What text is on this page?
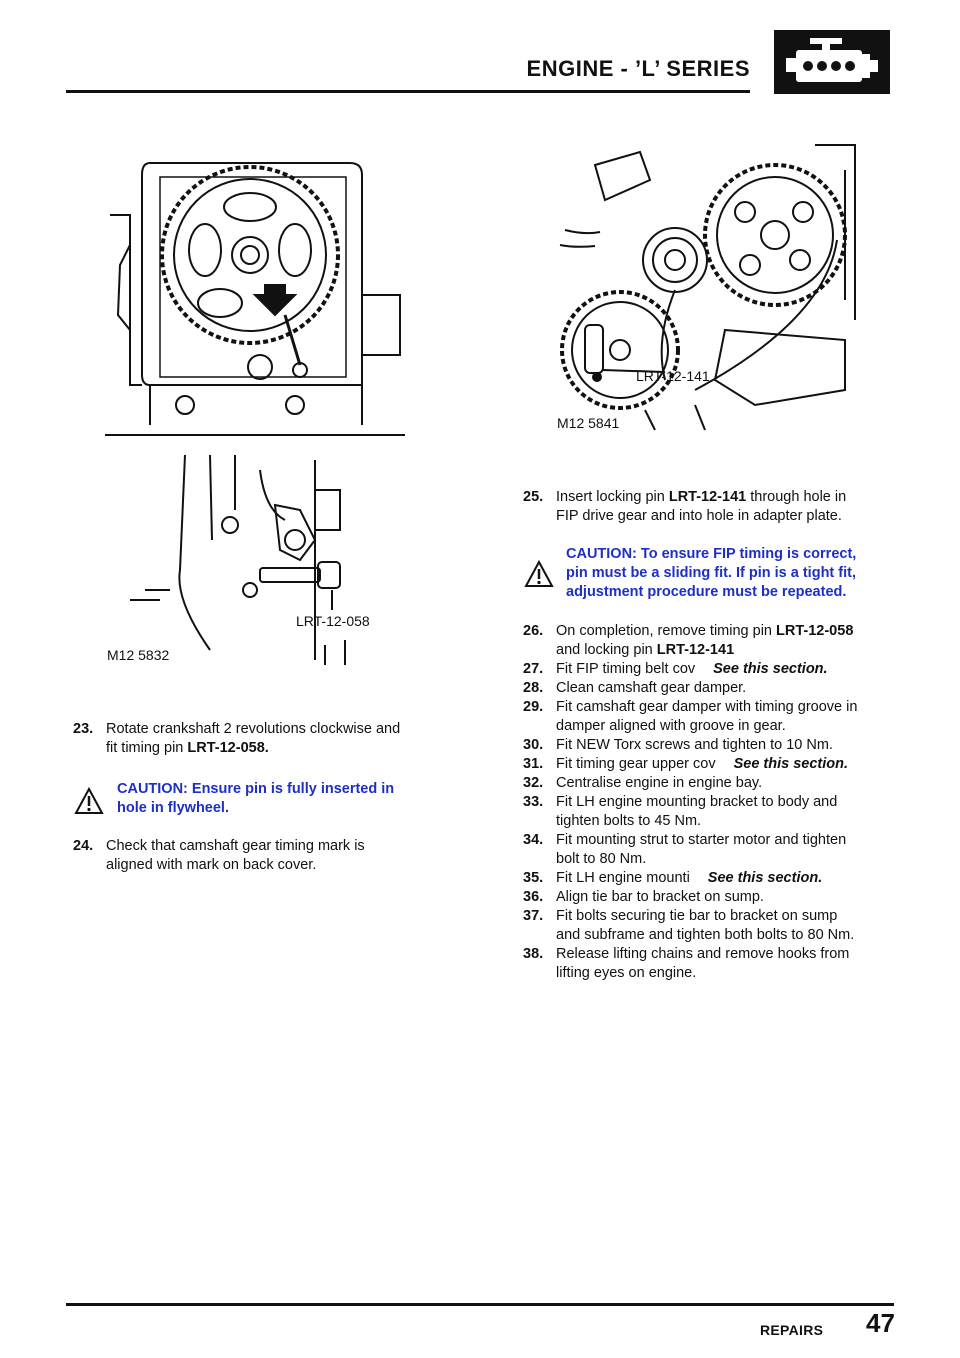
ENGINE - ’L’ SERIES
LRT-12-058
M12 5832
LRT-12-141
M12 5841
23. Rotate crankshaft 2 revolutions clockwise and
fit timing pin LRT-12-058.
CAUTION: Ensure pin is fully inserted in
hole in flywheel.
24. Check that camshaft gear timing mark is
aligned with mark on back cover.
25. Insert locking pin LRT-12-141 through hole in
FIP drive gear and into hole in adapter plate.
CAUTION: To ensure FIP timing is correct,
pin must be a sliding fit. If pin is a tight fit,
adjustment procedure must be repeated.
26. On completion, remove timing pin LRT-12-058
and locking pin LRT-12-141
27. Fit FIP timing belt cov See this section.
28. Clean camshaft gear damper.
29. Fit camshaft gear damper with timing groove in
damper aligned with groove in gear.
30. Fit NEW Torx screws and tighten to 10 Nm.
31. Fit timing gear upper cov See this section.
32. Centralise engine in engine bay.
33. Fit LH engine mounting bracket to body and
tighten bolts to 45 Nm.
34. Fit mounting strut to starter motor and tighten
bolt to 80 Nm.
35. Fit LH engine mounti See this section.
36. Align tie bar to bracket on sump.
37. Fit bolts securing tie bar to bracket on sump
and subframe and tighten both bolts to 80 Nm.
38. Release lifting chains and remove hooks from
lifting eyes on engine.
REPAIRS 47
